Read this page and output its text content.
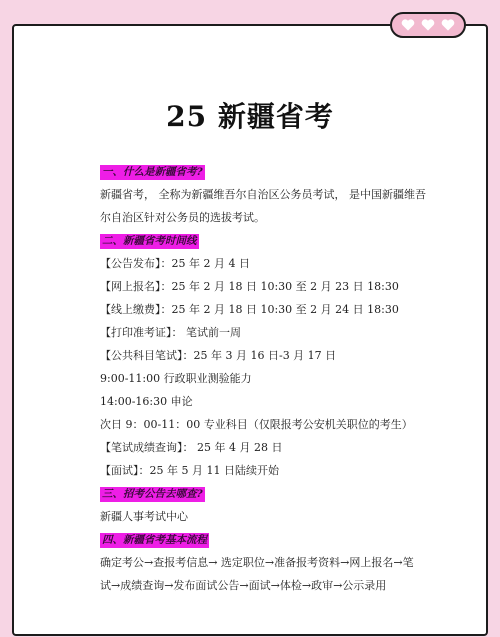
25 新疆省考
一、什么是新疆省考?
新疆省考， 全称为新疆维吾尔自治区公务员考试， 是中国新疆维吾
尔自治区针对公务员的选拔考试。
二、新疆省考时间线
【公告发布】：25 年 2 月 4 日
【网上报名】：25 年 2 月 18 日 10:30 至 2 月 23 日 18:30
【线上缴费】：25 年 2 月 18 日 10:30 至 2 月 24 日 18:30
【打印准考证】： 笔试前一周
【公共科目笔试】：25 年 3 月 16 日-3 月 17 日
9:00-11:00 行政职业测验能力
14:00-16:30 申论
次日 9：00-11：00 专业科目（仅限报考公安机关职位的考生）
【笔试成绩查询】： 25 年 4 月 28 日
【面试】：25 年 5 月 11 日陆续开始
三、招考公告去哪查?
新疆人事考试中心
四、新疆省考基本流程
确定考公→查报考信息→ 选定职位→准备报考资料→网上报名→笔
试→成绩查询→发布面试公告→面试→体检→政审→公示录用
